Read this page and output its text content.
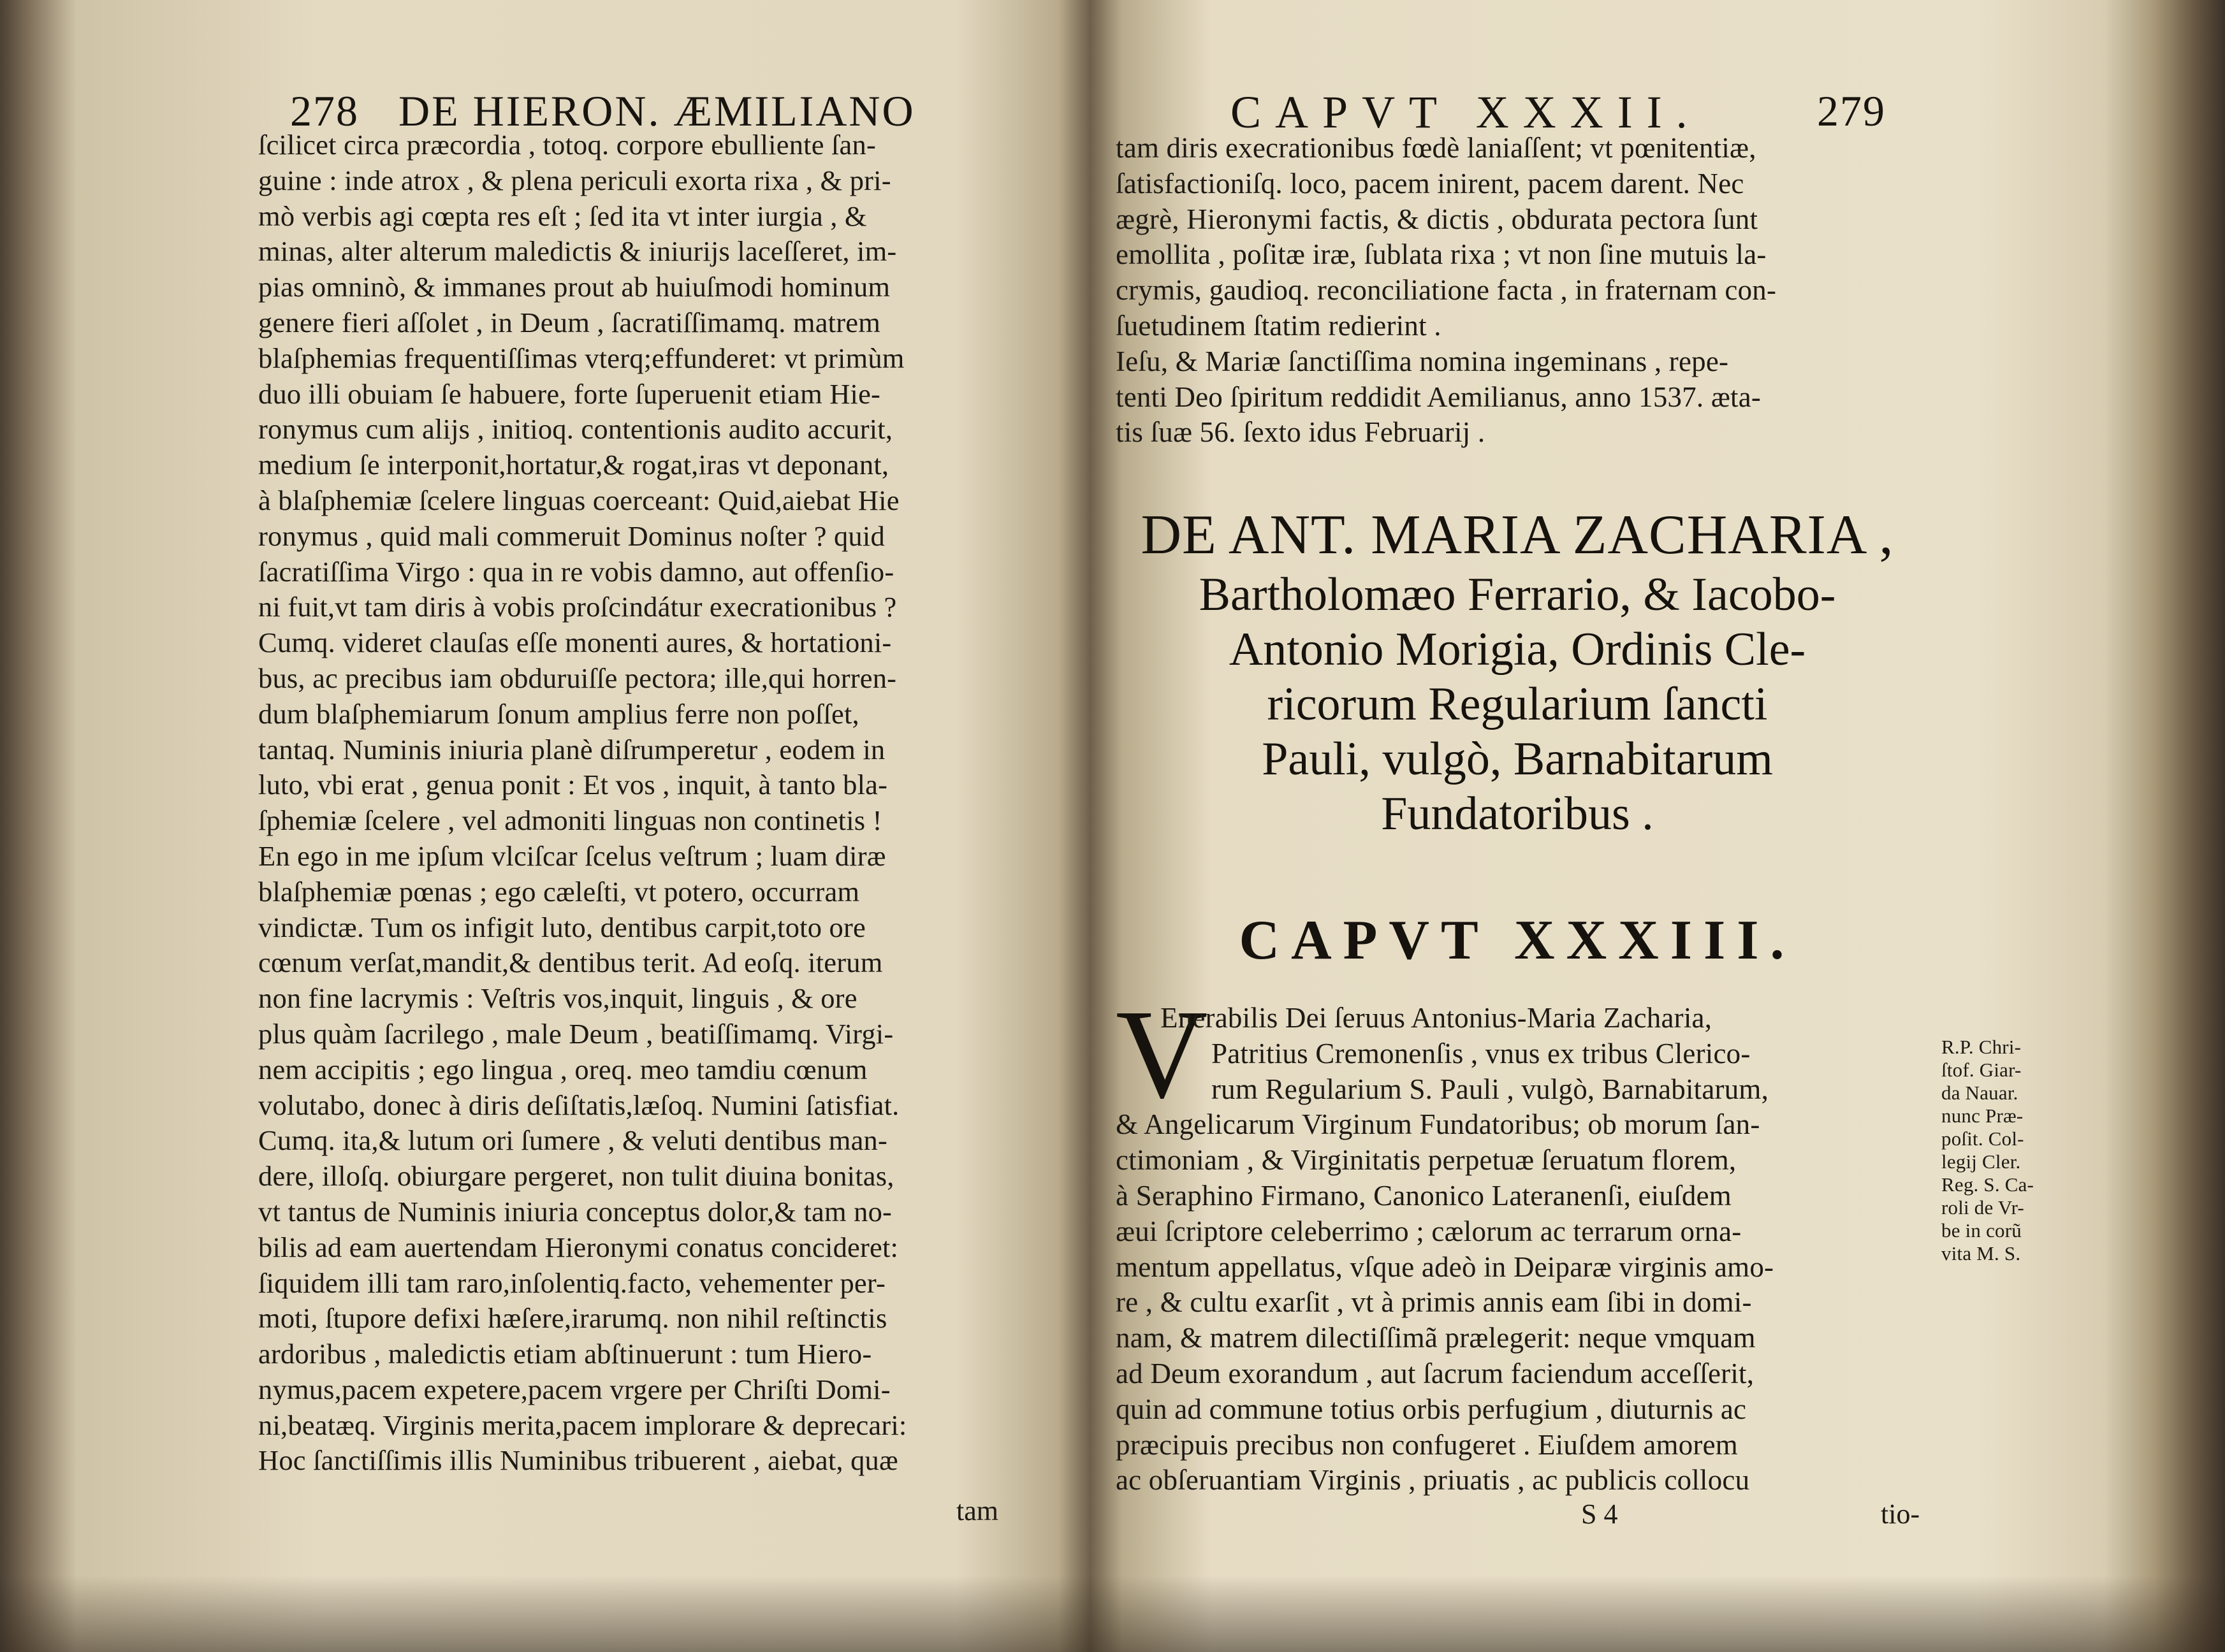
278 DE HIERON. ÆMILIANO
ſcilicet circa præcordia , totoq. corpore ebulliente ſan-
guine : inde atrox , & plena periculi exorta rixa , & pri-
mò verbis agi cœpta res eſt ; ſed ita vt inter iurgia , &
minas, alter alterum maledictis & iniurijs laceſſeret, im-
pias omninò, & immanes prout ab huiuſmodi hominum
genere fieri aſſolet , in Deum , ſacratiſſimamq. matrem
blaſphemias frequentiſſimas vterq;effunderet: vt primùm
duo illi obuiam ſe habuere, forte ſuperuenit etiam Hie-
ronymus cum alijs , initioq. contentionis audito accurit,
medium ſe interponit,hortatur,& rogat,iras vt deponant,
à blaſphemiæ ſcelere linguas coerceant: Quid,aiebat Hie
ronymus , quid mali commeruit Dominus noſter ? quid
ſacratiſſima Virgo : qua in re vobis damno, aut offenſio-
ni fuit,vt tam diris à vobis proſcindátur execrationibus ?
Cumq. videret clauſas eſſe monenti aures, & hortationi-
bus, ac precibus iam obduruiſſe pectora; ille,qui horren-
dum blaſphemiarum ſonum amplius ferre non poſſet,
tantaq. Numinis iniuria planè diſrumperetur , eodem in
luto, vbi erat , genua ponit : Et vos , inquit, à tanto bla-
ſphemiæ ſcelere , vel admoniti linguas non continetis !
En ego in me ipſum vlciſcar ſcelus veſtrum ; luam diræ
blaſphemiæ pœnas ; ego cæleſti, vt potero, occurram
vindictæ. Tum os infigit luto, dentibus carpit,toto ore
cœnum verſat,mandit,& dentibus terit. Ad eoſq. iterum
non fine lacrymis : Veſtris vos,inquit, linguis , & ore
plus quàm ſacrilego , male Deum , beatiſſimamq. Virgi-
nem accipitis ; ego lingua , oreq. meo tamdiu cœnum
volutabo, donec à diris deſiſtatis,læſoq. Numini ſatisfiat.
Cumq. ita,& lutum ori ſumere , & veluti dentibus man-
dere, illoſq. obiurgare pergeret, non tulit diuina bonitas,
vt tantus de Numinis iniuria conceptus dolor,& tam no-
bilis ad eam auertendam Hieronymi conatus concideret:
ſiquidem illi tam raro,inſolentiq.facto, vehementer per-
moti, ſtupore defixi hæſere,irarumq. non nihil reſtinctis
ardoribus , maledictis etiam abſtinuerunt : tum Hiero-
nymus,pacem expetere,pacem vrgere per Chriſti Domi-
ni,beatæq. Virginis merita,pacem implorare & deprecari:
Hoc ſanctiſſimis illis Numinibus tribuerent , aiebat, quæ
tam
CAPVT XXXII.	279
tam diris execrationibus fœdè laniaſſent; vt pœnitentiæ,
ſatisfactioniſq. loco, pacem inirent, pacem darent. Nec
ægrè, Hieronymi factis, & dictis , obdurata pectora ſunt
emollita , poſitæ iræ, ſublata rixa ; vt non ſine mutuis la-
crymis, gaudioq. reconciliatione facta , in fraternam con-
ſuetudinem ſtatim redierint .
Ieſu, & Mariæ ſanctiſſima nomina ingeminans , repe-
tenti Deo ſpiritum reddidit Aemilianus, anno 1537. æta-
tis ſuæ 56. ſexto idus Februarij .
DE ANT. MARIA ZACHARIA ,
Bartholomæo Ferrario, & Iacobo-
Antonio Morigia, Ordinis Cle-
ricorum Regularium ſancti
Pauli, vulgò, Barnabitarum
Fundatoribus .
CAPVT XXXIII.
V
Enerabilis Dei ſeruus Antonius-Maria Zacharia,
Patritius Cremonenſis , vnus ex tribus Clerico-
rum Regularium S. Pauli , vulgò, Barnabitarum,
& Angelicarum Virginum Fundatoribus; ob morum ſan-
ctimoniam , & Virginitatis perpetuæ ſeruatum florem,
à Seraphino Firmano, Canonico Lateranenſi, eiuſdem
æui ſcriptore celeberrimo ; cælorum ac terrarum orna-
mentum appellatus, vſque adeò in Deiparæ virginis amo-
re , & cultu exarſit , vt à primis annis eam ſibi in domi-
nam, & matrem dilectiſſimã prælegerit: neque vmquam
ad Deum exorandum , aut ſacrum faciendum acceſſerit,
quin ad commune totius orbis perfugium , diuturnis ac
præcipuis precibus non confugeret . Eiuſdem amorem
ac obſeruantiam Virginis , priuatis , ac publicis collocu
R.P. Chri-
ſtof. Giar-
da Nauar.
nunc Præ-
poſit. Col-
legij Cler.
Reg. S. Ca-
roli de Vr-
be in corũ
vita M. S.
S 4	tio-
